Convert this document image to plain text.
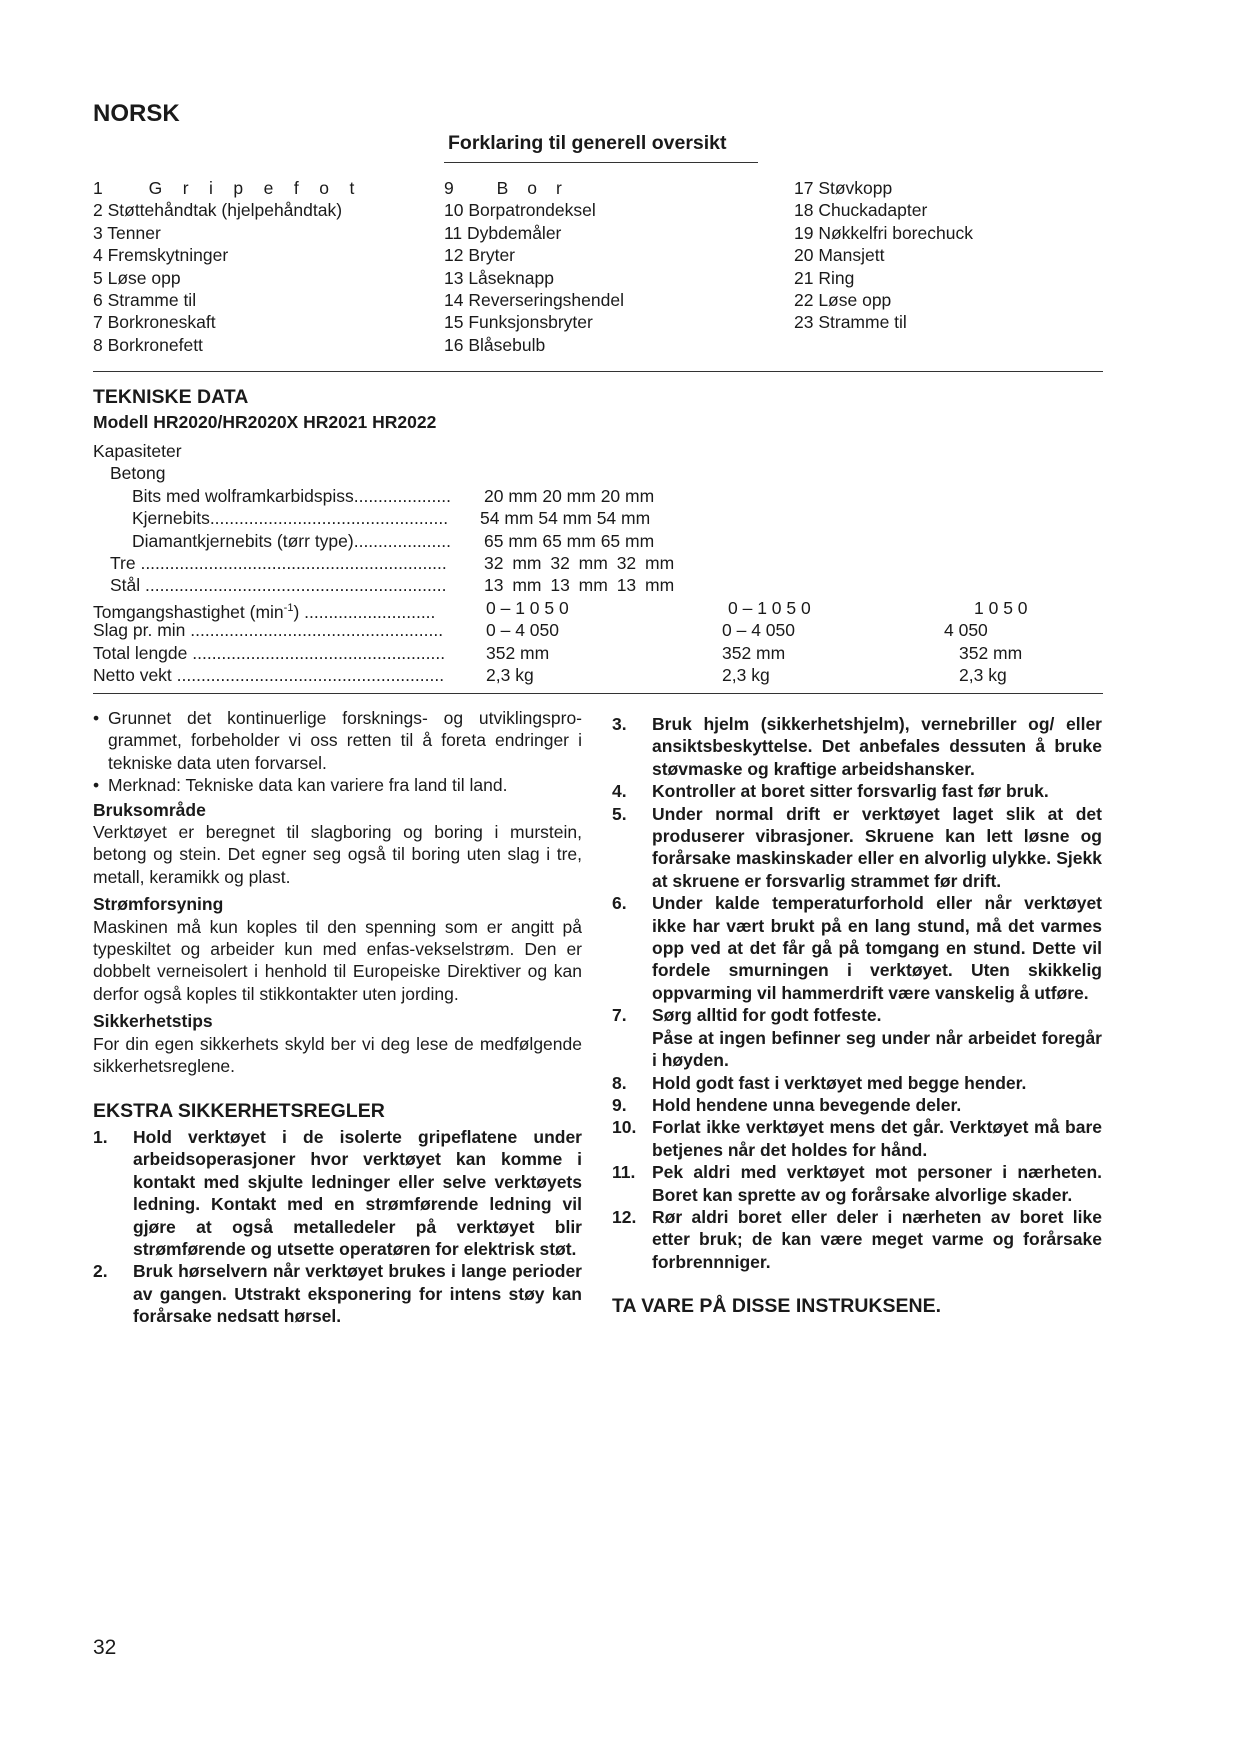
NORSK
Forklaring til generell oversikt
1 Gripefot
2 Støttehåndtak (hjelpehåndtak)
3 Tenner
4 Fremskytninger
5 Løse opp
6 Stramme til
7 Borkroneskaft
8 Borkronefett
9 Bor
10 Borpatrondeksel
11 Dybdemåler
12 Bryter
13 Låseknapp
14 Reverseringshendel
15 Funksjonsbryter
16 Blåsebulb
17 Støvkopp
18 Chuckadapter
19 Nøkkelfri borechuck
20 Mansjett
21 Ring
22 Løse opp
23 Stramme til
TEKNISKE DATA
Modell HR2020/HR2020X HR2021 HR2022
Kapasiteter
Betong
Bits med wolframkarbidspiss.................... 20 mm 20 mm 20 mm
Kjernebits................................................. 54 mm 54 mm 54 mm
Diamantkjernebits (tørr type).................... 65 mm 65 mm 65 mm
Tre ............................................................... 32 mm 32 mm 32 mm
Stål .............................................................. 13 mm 13 mm 13 mm
Tomgangshastighet $(\min^{-1})$ ...........................	0 – 1 0 5 0	0 – 1 0 5 0	1 0 5 0
Slag pr. min .................................................... 0 – 4 050	0 – 4 050	4 050
Total lengde .................................................... 352 mm	352 mm	352 mm
Netto vekt ....................................................... 2,3 kg	2,3 kg	2,3 kg
• Grunnet det kontinuerlige forsknings- og utviklingsprogrammet, forbeholder vi oss retten til å foreta endringer i tekniske data uten forvarsel.
• Merknad: Tekniske data kan variere fra land til land.
Bruksområde
Verktøyet er beregnet til slagboring og boring i murstein, betong og stein. Det egner seg også til boring uten slag i tre, metall, keramikk og plast.
Strømforsyning
Maskinen må kun koples til den spenning som er angitt på typeskiltet og arbeider kun med enfas-vekselstrøm. Den er dobbelt verneisolert i henhold til Europeiske Direktiver og kan derfor også koples til stikkontakter uten jording.
Sikkerhetstips
For din egen sikkerhets skyld ber vi deg lese de medfølgende sikkerhetsreglene.
EKSTRA SIKKERHETSREGLER
1. Hold verktøyet i de isolerte gripeflatene under arbeidsoperasjoner hvor verktøyet kan komme i kontakt med skjulte ledninger eller selve verktøyets ledning. Kontakt med en strømførende ledning vil gjøre at også metalledeler på verktøyet blir strømførende og utsette operatøren for elektrisk støt.
2. Bruk hørselvern når verktøyet brukes i lange perioder av gangen. Utstrakt eksponering for intens støy kan forårsake nedsatt hørsel.
3. Bruk hjelm (sikkerhetshjelm), vernebriller og/ eller ansiktsbeskyttelse. Det anbefales dessuten å bruke støvmaske og kraftige arbeidshansker.
4. Kontroller at boret sitter forsvarlig fast før bruk.
5. Under normal drift er verktøyet laget slik at det produserer vibrasjoner. Skruene kan lett løsne og forårsake maskinskader eller en alvorlig ulykke. Sjekk at skruene er forsvarlig strammet før drift.
6. Under kalde temperaturforhold eller når verktøyet ikke har vært brukt på en lang stund, må det varmes opp ved at det får gå på tomgang en stund. Dette vil fordele smurningen i verktøyet. Uten skikkelig oppvarming vil hammerdrift være vanskelig å utføre.
7. Sørg alltid for godt fotfeste.
Påse at ingen befinner seg under når arbeidet foregår i høyden.
8. Hold godt fast i verktøyet med begge hender.
9. Hold hendene unna bevegende deler.
10. Forlat ikke verktøyet mens det går. Verktøyet må bare betjenes når det holdes for hånd.
11. Pek aldri med verktøyet mot personer i nærheten. Boret kan sprette av og forårsake alvorlige skader.
12. Rør aldri boret eller deler i nærheten av boret like etter bruk; de kan være meget varme og forårsake forbrennniger.
TA VARE PÅ DISSE INSTRUKSENE.
32
